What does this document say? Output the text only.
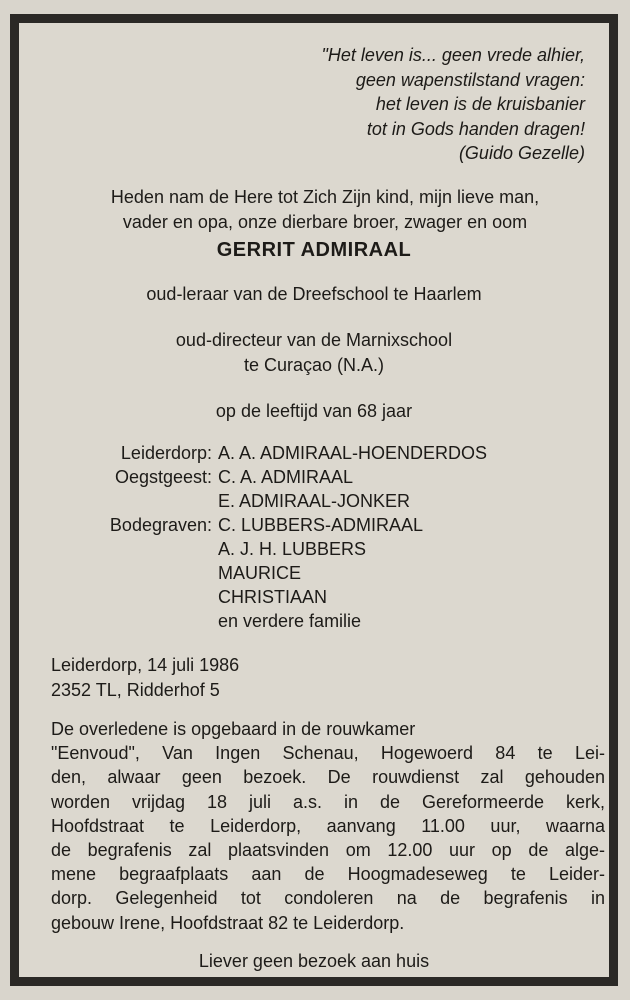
"Het leven is... geen vrede alhier,
geen wapenstilstand vragen:
het leven is de kruisbanier
tot in Gods handen dragen!
(Guido Gezelle)
Heden nam de Here tot Zich Zijn kind, mijn lieve man,
vader en opa, onze dierbare broer, zwager en oom
GERRIT ADMIRAAL
oud-leraar van de Dreefschool te Haarlem
oud-directeur van de Marnixschool
te Curaçao (N.A.)
op de leeftijd van 68 jaar
Leiderdorp: A. A. ADMIRAAL-HOENDERDOS
Oegstgeest: C. A. ADMIRAAL
E. ADMIRAAL-JONKER
Bodegraven: C. LUBBERS-ADMIRAAL
A. J. H. LUBBERS
MAURICE
CHRISTIAAN
en verdere familie
Leiderdorp, 14 juli 1986
2352 TL, Ridderhof 5
De overledene is opgebaard in de rouwkamer
"Eenvoud", Van Ingen Schenau, Hogewoerd 84 te Lei-
den, alwaar geen bezoek. De rouwdienst zal gehouden
worden vrijdag 18 juli a.s. in de Gereformeerde kerk,
Hoofdstraat te Leiderdorp, aanvang 11.00 uur, waarna
de begrafenis zal plaatsvinden om 12.00 uur op de alge-
mene begraafplaats aan de Hoogmadeseweg te Leider-
dorp. Gelegenheid tot condoleren na de begrafenis in
gebouw Irene, Hoofdstraat 82 te Leiderdorp.
Liever geen bezoek aan huis
